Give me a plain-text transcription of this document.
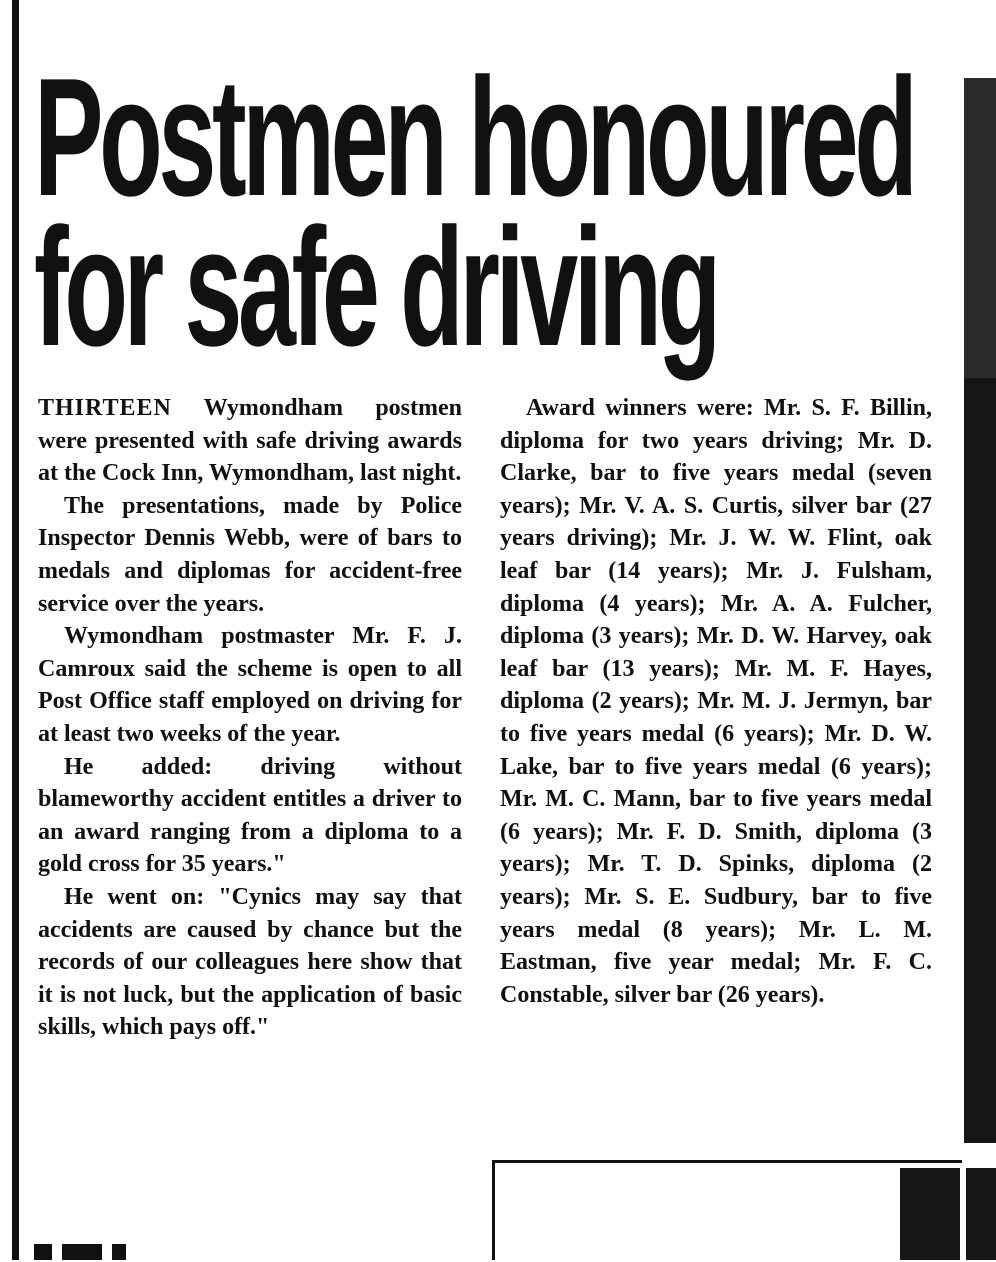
Postmen honoured
for safe driving

THIRTEEN Wymondham postmen were presented with safe driving awards at the Cock Inn, Wymondham, last night.

The presentations, made by Police Inspector Dennis Webb, were of bars to medals and diplomas for accident-free service over the years.

Wymondham postmaster Mr. F. J. Camroux said the scheme is open to all Post Office staff employed on driving for at least two weeks of the year.

He added: driving without blameworthy accident entitles a driver to an award ranging from a diploma to a gold cross for 35 years."

He went on: "Cynics may say that accidents are caused by chance but the records of our colleagues here show that it is not luck, but the application of basic skills, which pays off."

Award winners were: Mr. S. F. Billin, diploma for two years driving; Mr. D. Clarke, bar to five years medal (seven years); Mr. V. A. S. Curtis, silver bar (27 years driving); Mr. J. W. W. Flint, oak leaf bar (14 years); Mr. J. Fulsham, diploma (4 years); Mr. A. A. Fulcher, diploma (3 years); Mr. D. W. Harvey, oak leaf bar (13 years); Mr. M. F. Hayes, diploma (2 years); Mr. M. J. Jermyn, bar to five years medal (6 years); Mr. D. W. Lake, bar to five years medal (6 years); Mr. M. C. Mann, bar to five years medal (6 years); Mr. F. D. Smith, diploma (3 years); Mr. T. D. Spinks, diploma (2 years); Mr. S. E. Sudbury, bar to five years medal (8 years); Mr. L. M. Eastman, five year medal; Mr. F. C. Constable, silver bar (26 years).
